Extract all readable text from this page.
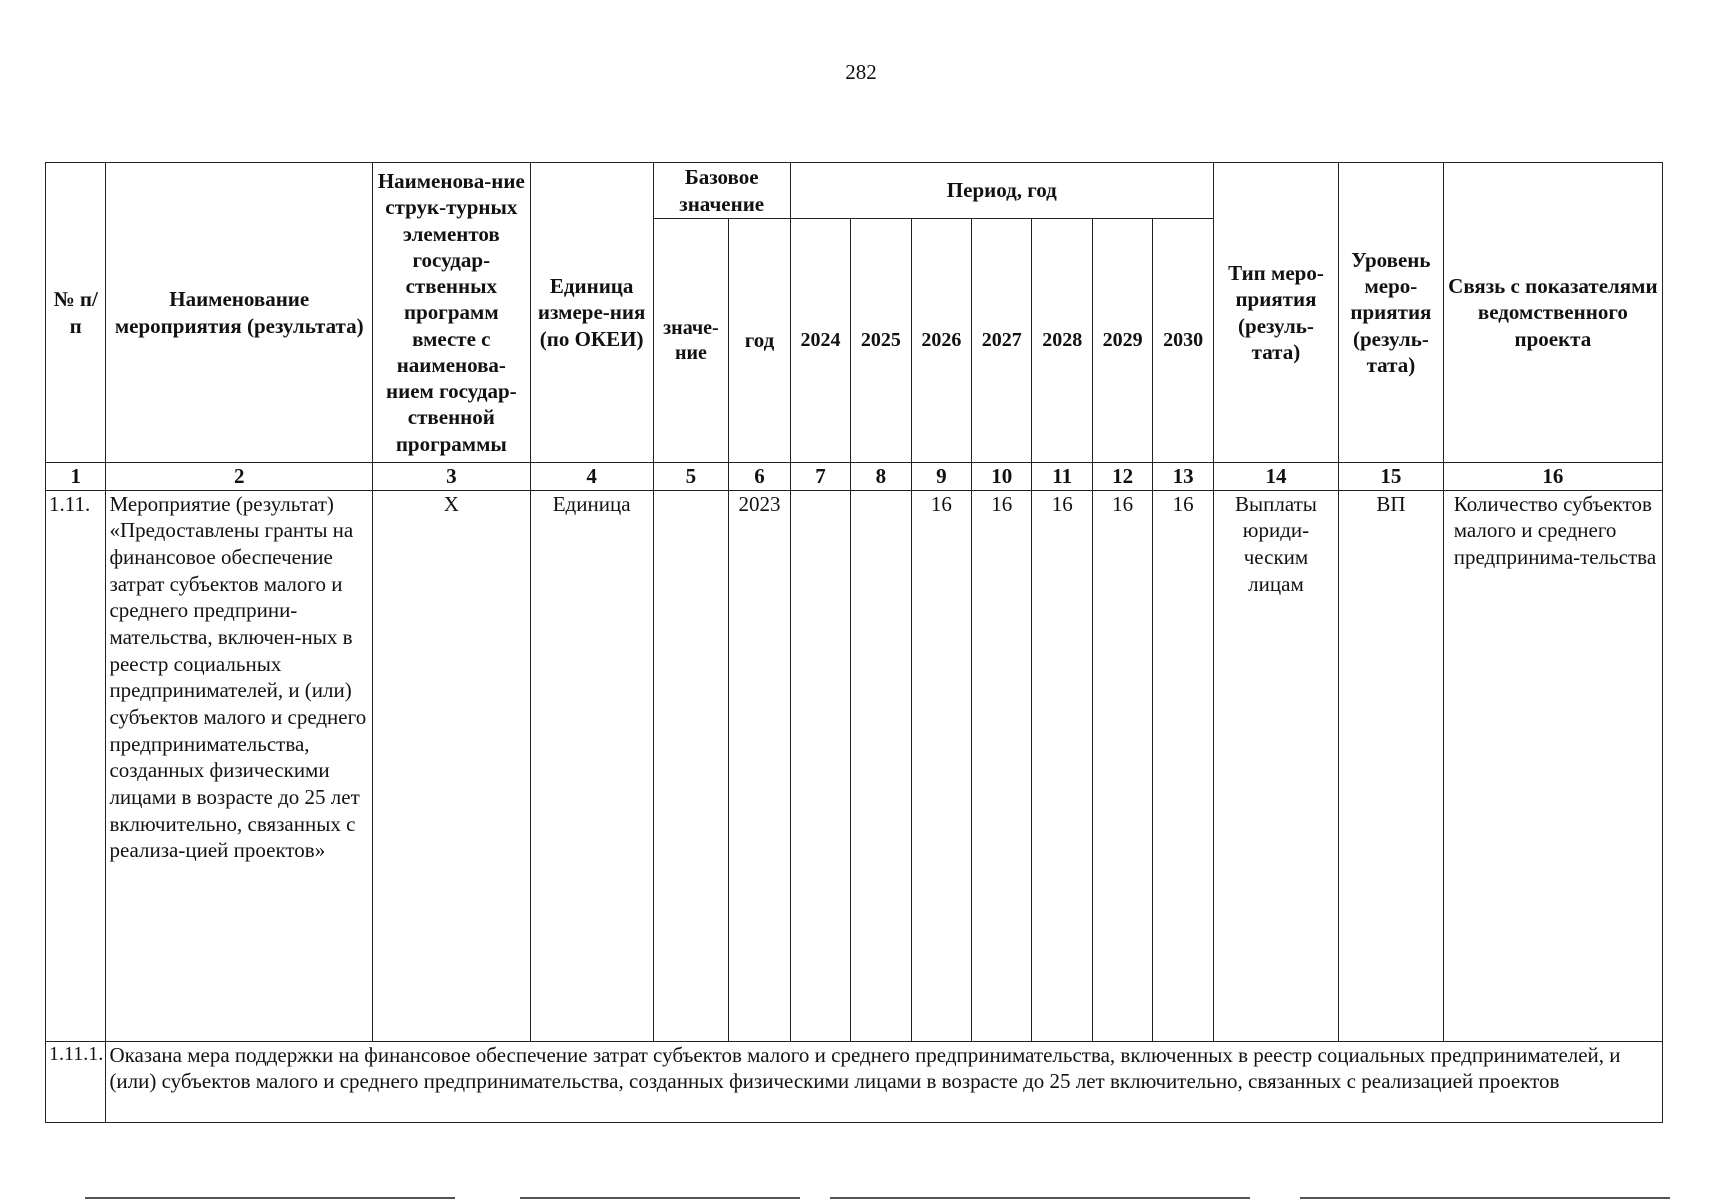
282
№ п/п	Наименование мероприятия (результата)	Наименова-ние струк-турных элементов государ-ственных программ вместе с наименова-нием государ-ственной программы	Единица измере-ния (по ОКЕИ)	Базовое значение		Период, год							Тип меро-приятия (резуль-тата)	Уровень меро-приятия (резуль-тата)	Связь с показателями ведомственного проекта
				значе-ние	год	2024	2025	2026	2027	2028	2029	2030			
1	2	3	4	5	6	7	8	9	10	11	12	13	14	15	16
1.11.	Мероприятие (результат) «Предоставлены гранты на финансовое обеспечение затрат субъектов малого и среднего предприни-мательства, включен-ных в реестр социальных предпринимателей, и (или) субъектов малого и среднего предпринимательства, созданных физическими лицами в возрасте до 25 лет включительно, связанных с реализа-цией проектов»	Х	Единица		2023			16	16	16	16	16	Выплаты юриди-ческим лицам	ВП	Количество субъектов малого и среднего предпринима-тельства
1.11.1.	Оказана мера поддержки на финансовое обеспечение затрат субъектов малого и среднего предпринимательства, включенных в реестр социальных предпринимателей, и (или) субъектов малого и среднего предпринимательства, созданных физическими лицами в возрасте до 25 лет включительно, связанных с реализацией проектов														
